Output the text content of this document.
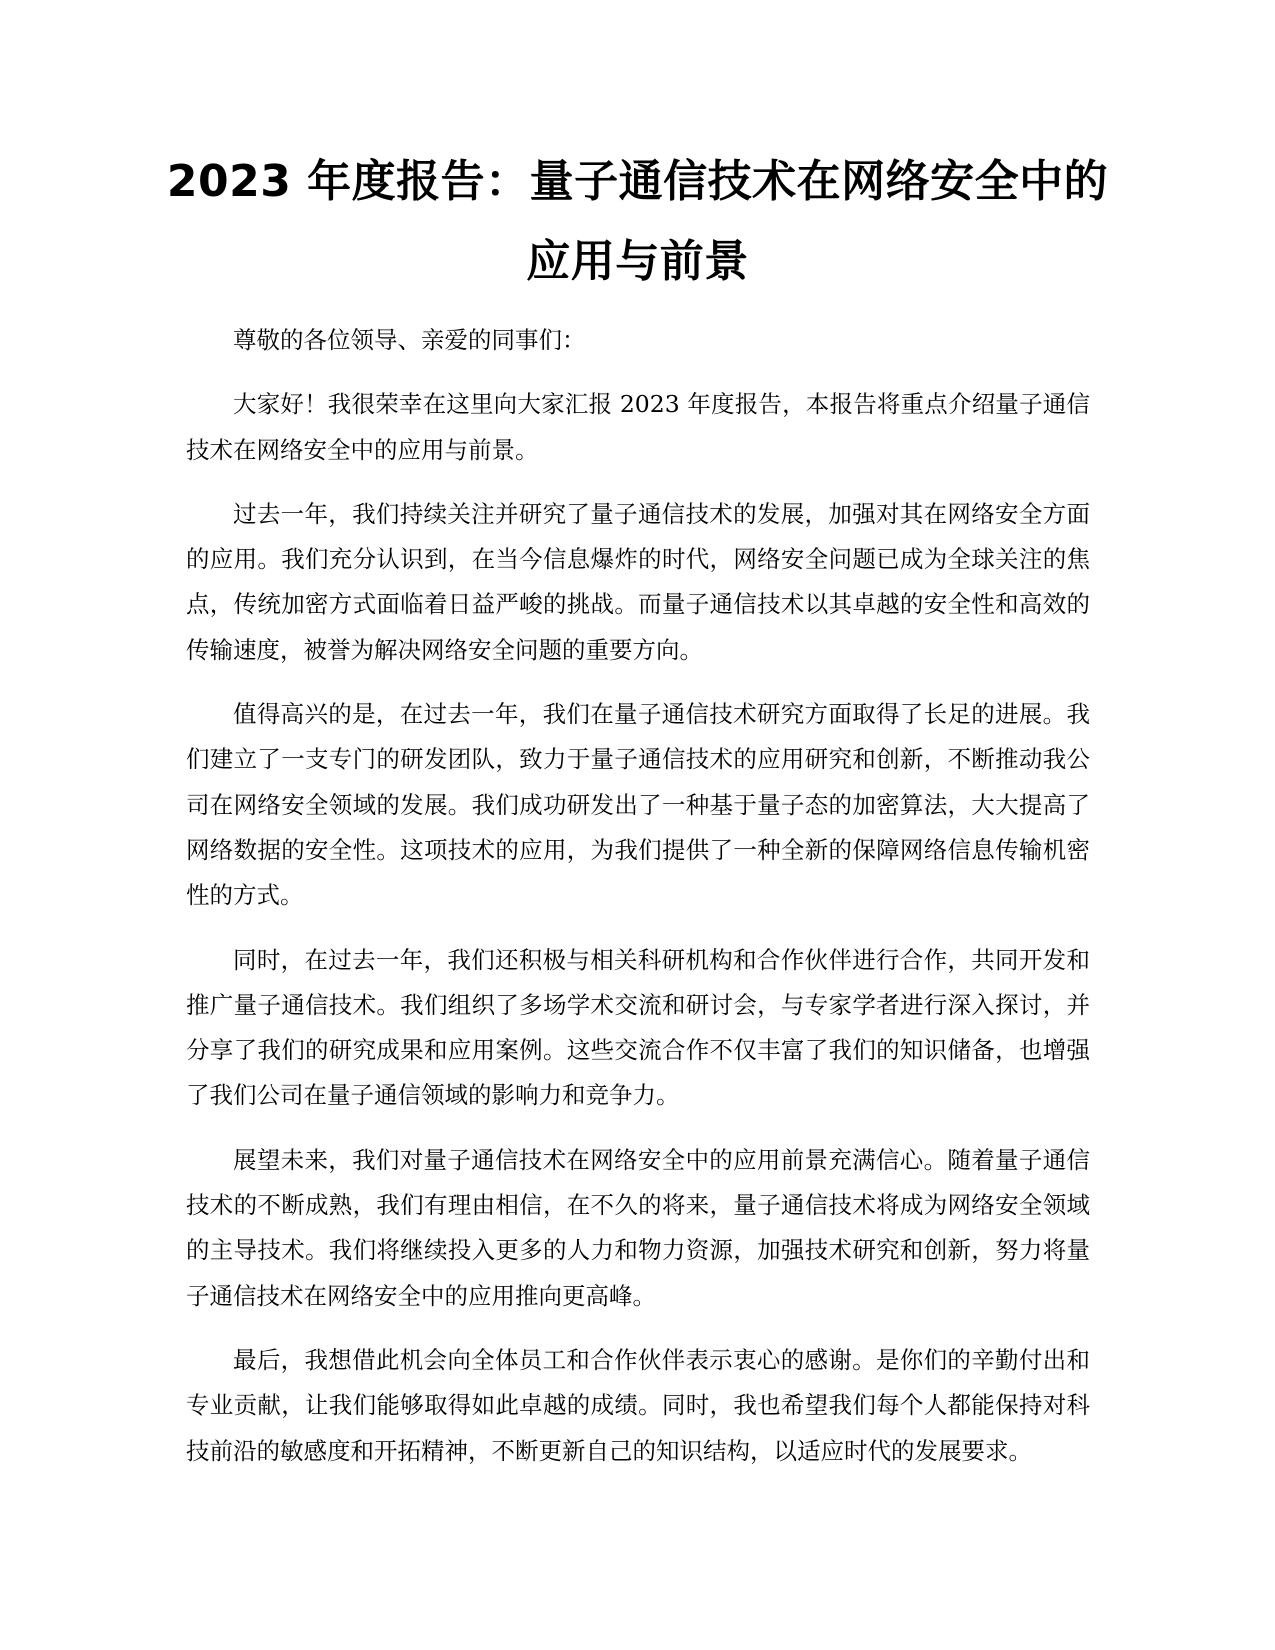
2023 年度报告：量子通信技术在网络安全中的应用与前景

尊敬的各位领导、亲爱的同事们：

大家好！我很荣幸在这里向大家汇报 2023 年度报告，本报告将重点介绍量子通信技术在网络安全中的应用与前景。

过去一年，我们持续关注并研究了量子通信技术的发展，加强对其在网络安全方面的应用。我们充分认识到，在当今信息爆炸的时代，网络安全问题已成为全球关注的焦点，传统加密方式面临着日益严峻的挑战。而量子通信技术以其卓越的安全性和高效的传输速度，被誉为解决网络安全问题的重要方向。

值得高兴的是，在过去一年，我们在量子通信技术研究方面取得了长足的进展。我们建立了一支专门的研发团队，致力于量子通信技术的应用研究和创新，不断推动我公司在网络安全领域的发展。我们成功研发出了一种基于量子态的加密算法，大大提高了网络数据的安全性。这项技术的应用，为我们提供了一种全新的保障网络信息传输机密性的方式。

同时，在过去一年，我们还积极与相关科研机构和合作伙伴进行合作，共同开发和推广量子通信技术。我们组织了多场学术交流和研讨会，与专家学者进行深入探讨，并分享了我们的研究成果和应用案例。这些交流合作不仅丰富了我们的知识储备，也增强了我们公司在量子通信领域的影响力和竞争力。

展望未来，我们对量子通信技术在网络安全中的应用前景充满信心。随着量子通信技术的不断成熟，我们有理由相信，在不久的将来，量子通信技术将成为网络安全领域的主导技术。我们将继续投入更多的人力和物力资源，加强技术研究和创新，努力将量子通信技术在网络安全中的应用推向更高峰。

最后，我想借此机会向全体员工和合作伙伴表示衷心的感谢。是你们的辛勤付出和专业贡献，让我们能够取得如此卓越的成绩。同时，我也希望我们每个人都能保持对科技前沿的敏感度和开拓精神，不断更新自己的知识结构，以适应时代的发展要求。
